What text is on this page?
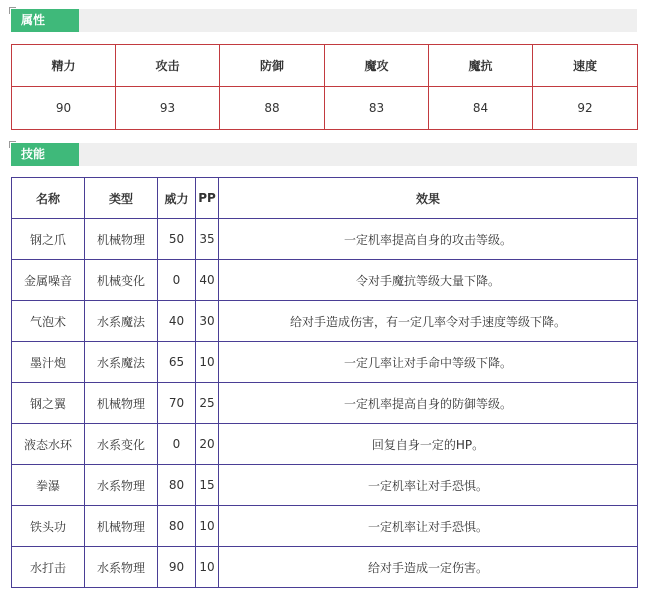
属性
精力	攻击	防御	魔攻	魔抗	速度
90	93	88	83	84	92
技能
名称	类型	威力	PP	效果
钢之爪	机械物理	50	35	一定机率提高自身的攻击等级。
金属噪音	机械变化	0	40	令对手魔抗等级大量下降。
气泡术	水系魔法	40	30	给对手造成伤害，有一定几率令对手速度等级下降。
墨汁炮	水系魔法	65	10	一定几率让对手命中等级下降。
钢之翼	机械物理	70	25	一定机率提高自身的防御等级。
液态水环	水系变化	0	20	回复自身一定的HP。
拳瀑	水系物理	80	15	一定机率让对手恐惧。
铁头功	机械物理	80	10	一定机率让对手恐惧。
水打击	水系物理	90	10	给对手造成一定伤害。
